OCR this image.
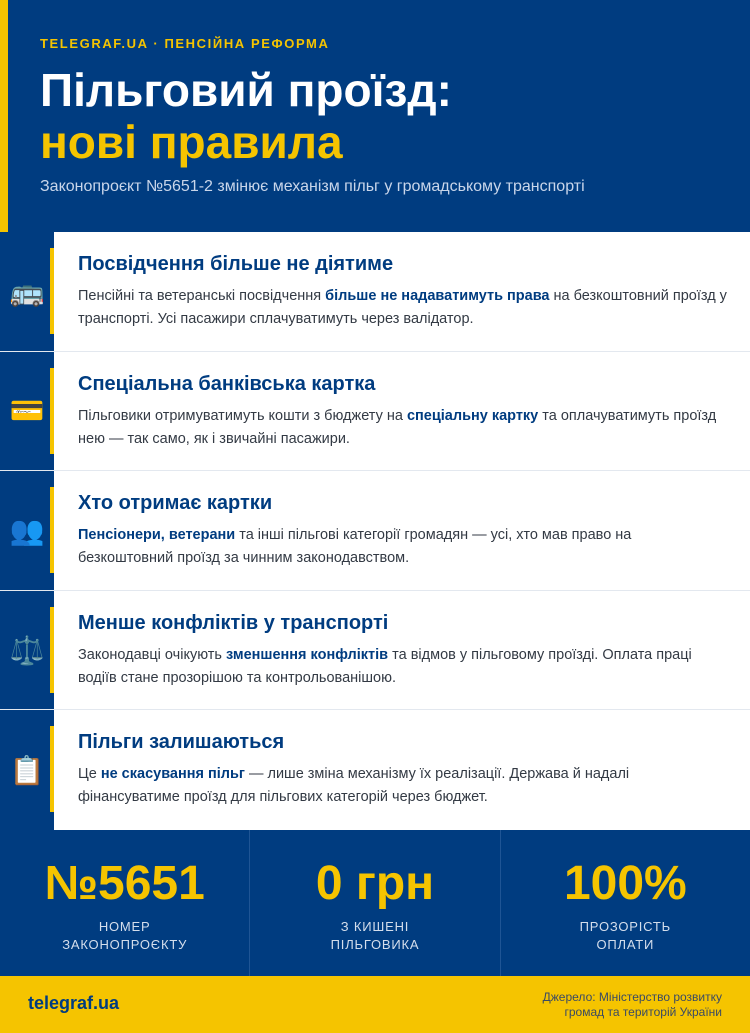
TELEGRAF.UA · ПЕНСІЙНА РЕФОРМА
Пільговий проїзд:
нові правила
Законопроєкт №5651-2 змінює механізм пільг у громадському транспорті
🚌
Посвідчення більше не діятиме
Пенсійні та ветеранські посвідчення більше не надаватимуть права на безкоштовний проїзд у транспорті. Усі пасажири сплачуватимуть через валідатор.
💳
Спеціальна банківська картка
Пільговики отримуватимуть кошти з бюджету на спеціальну картку та оплачуватимуть проїзд нею — так само, як і звичайні пасажири.
👥
Хто отримає картки
Пенсіонери, ветерани та інші пільгові категорії громадян — усі, хто мав право на безкоштовний проїзд за чинним законодавством.
⚖️
Менше конфліктів у транспорті
Законодавці очікують зменшення конфліктів та відмов у пільговому проїзді. Оплата праці водіїв стане прозорішою та контрольованішою.
📋
Пільги залишаються
Це не скасування пільг — лише зміна механізму їх реалізації. Держава й надалі фінансуватиме проїзд для пільгових категорій через бюджет.
№5651
НОМЕР
ЗАКОНОПРОЄКТУ
0 грн
З КИШЕНІ
ПІЛЬГОВИКА
100%
ПРОЗОРІСТЬ
ОПЛАТИ
telegraf.ua	Джерело: Міністерство розвитку
громад та територій України
